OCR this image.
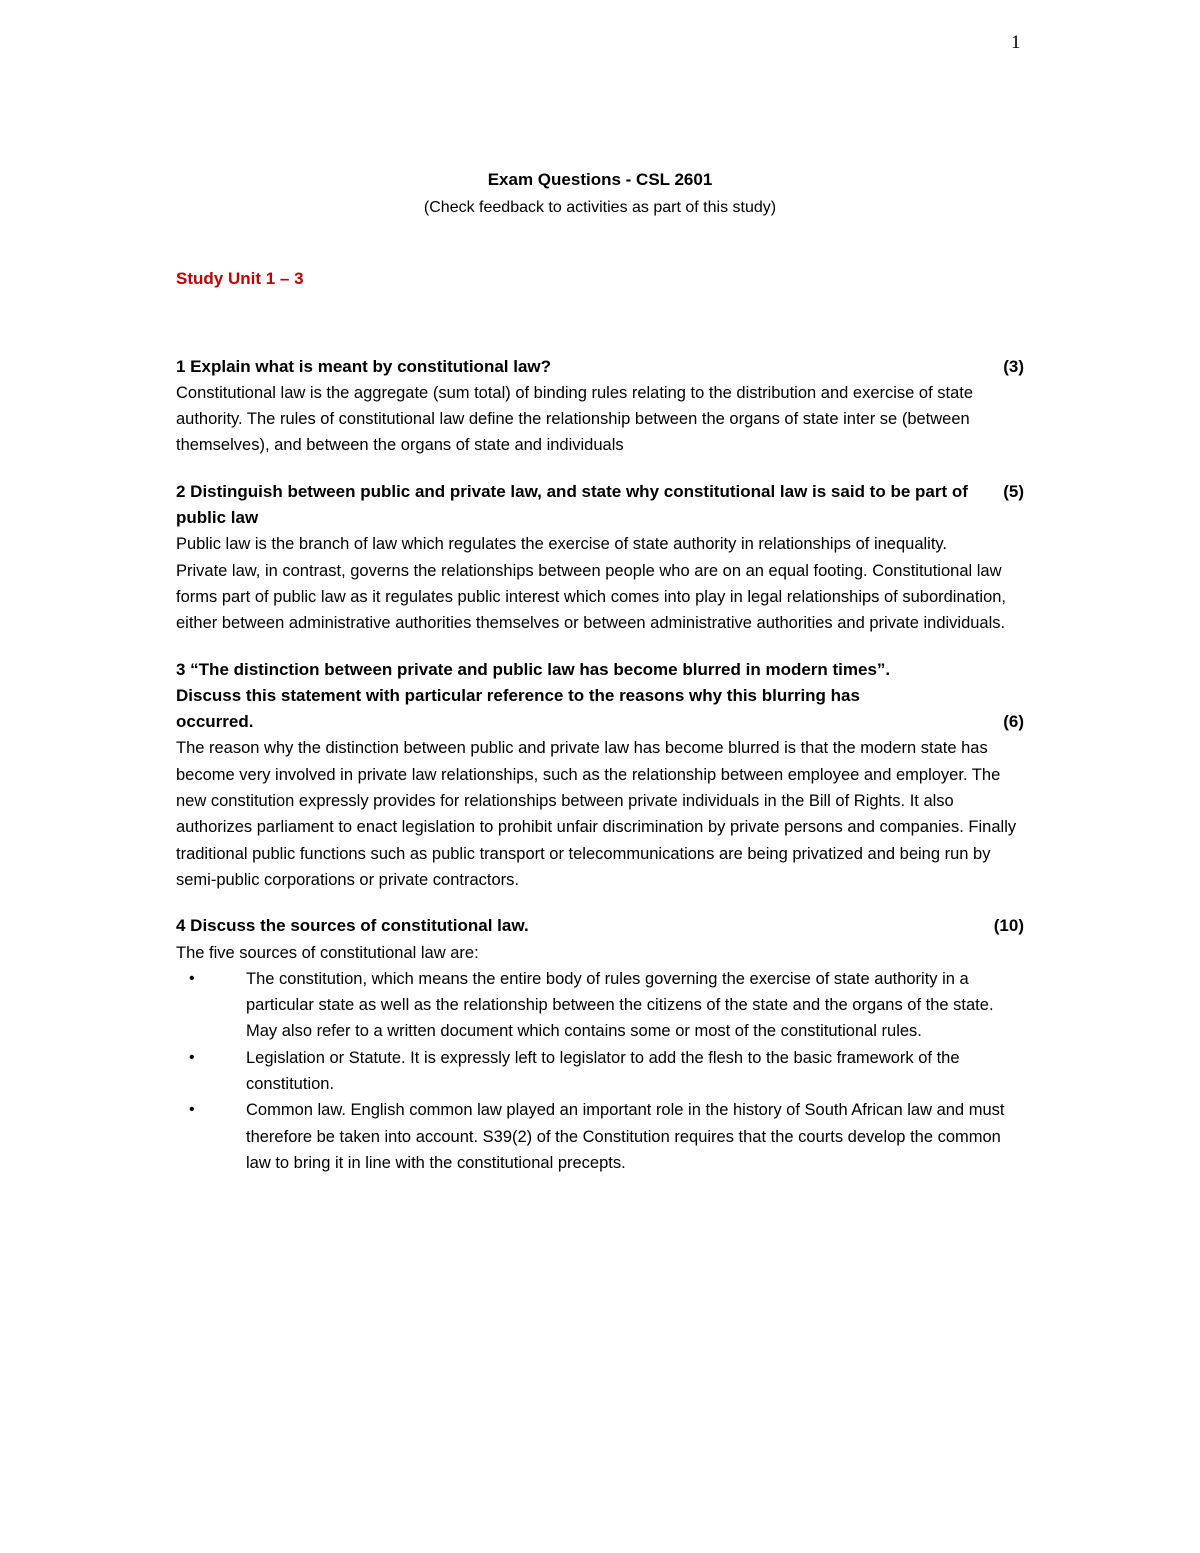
1
Exam Questions - CSL 2601
(Check feedback to activities as part of this study)
Study Unit 1 – 3
1 Explain what is meant by constitutional law?	(3)

Constitutional law is the aggregate (sum total) of binding rules relating to the distribution and exercise of state authority. The rules of constitutional law define the relationship between the organs of state inter se (between themselves), and between the organs of state and individuals

2 Distinguish between public and private law, and state why constitutional law is said to be part of public law
(5)

Public law is the branch of law which regulates the exercise of state authority in relationships of inequality.

Private law, in contrast, governs the relationships between people who are on an equal footing. Constitutional law forms part of public law as it regulates public interest which comes into play in legal relationships of subordination, either between administrative authorities themselves or between administrative authorities and private individuals.

3 “The distinction between private and public law has become blurred in modern times”.
Discuss this statement with particular reference to the reasons why this blurring has
occurred.	(6)

The reason why the distinction between public and private law has become blurred is that the modern state has become very involved in private law relationships, such as the relationship between employee and employer. The new constitution expressly provides for relationships between private individuals in the Bill of Rights. It also authorizes parliament to enact legislation to prohibit unfair discrimination by private persons and companies. Finally traditional public functions such as public transport or telecommunications are being privatized and being run by semi-public corporations or private contractors.

4 Discuss the sources of constitutional law.	(10)

The five sources of constitutional law are:

•	The constitution, which means the entire body of rules governing the exercise of state authority in a particular state as well as the relationship between the citizens of the state and the organs of the state. May also refer to a written document which contains some or most of the constitutional rules.
•	Legislation or Statute. It is expressly left to legislator to add the flesh to the basic framework of the constitution.
•	Common law. English common law played an important role in the history of South African law and must therefore be taken into account. S39(2) of the Constitution requires that the courts develop the common law to bring it in line with the constitutional precepts.
